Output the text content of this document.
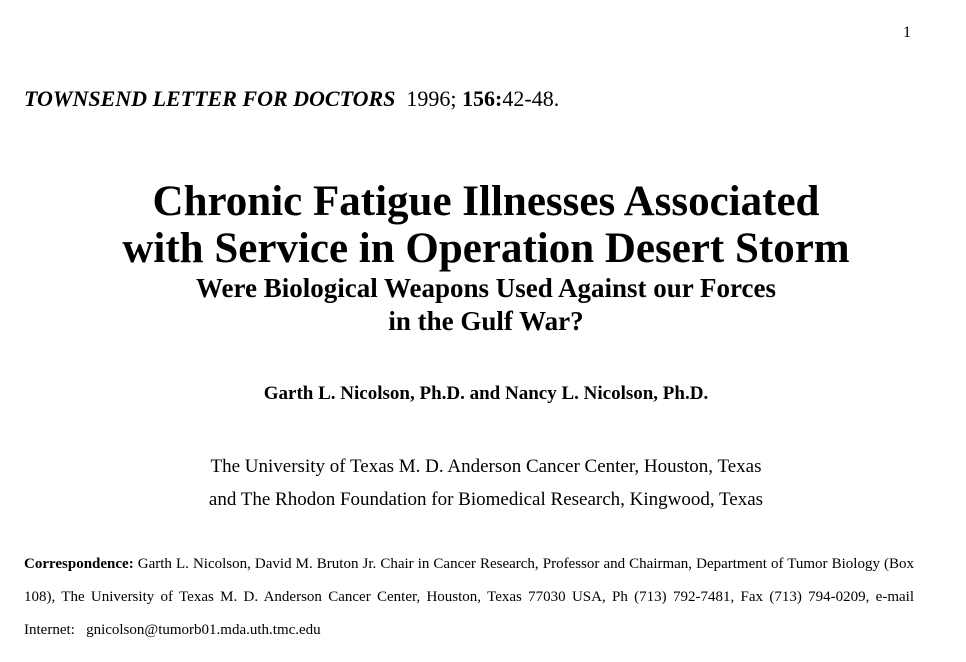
1
TOWNSEND LETTER FOR DOCTORS 1996; 156:42-48.
Chronic Fatigue Illnesses Associated
with Service in Operation Desert Storm
Were Biological Weapons Used Against our Forces
in the Gulf War?
Garth L. Nicolson, Ph.D. and Nancy L. Nicolson, Ph.D.
The University of Texas M. D. Anderson Cancer Center, Houston, Texas
and The Rhodon Foundation for Biomedical Research, Kingwood, Texas
Correspondence: Garth L. Nicolson, David M. Bruton Jr. Chair in Cancer Research, Professor and Chairman, Department of Tumor Biology (Box 108), The University of Texas M. D. Anderson Cancer Center, Houston, Texas 77030 USA, Ph (713) 792-7481, Fax (713) 794-0209, e-mail Internet: gnicolson@tumorb01.mda.uth.tmc.edu
